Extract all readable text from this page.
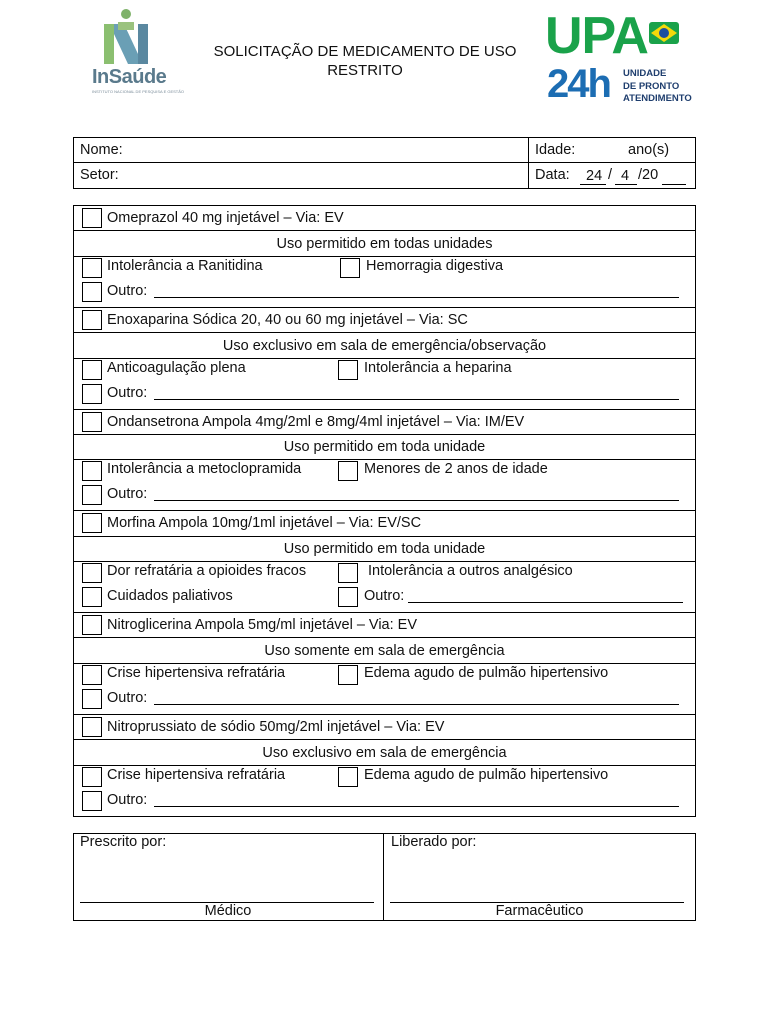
InSaúde
INSTITUTO NACIONAL DE PESQUISA E GESTÃO
SOLICITAÇÃO DE MEDICAMENTO DE USO
RESTRITO
UPA
24h UNIDADE
DE PRONTO
ATENDIMENTO
Nome:
Setor:
Idade:	ano(s)
Data: 24 / 4 /20
Omeprazol 40 mg injetável – Via: EV
Uso permitido em todas unidades
Intolerância a Ranitidina	Hemorragia digestiva
Outro:
Enoxaparina Sódica 20, 40 ou 60 mg injetável – Via: SC
Uso exclusivo em sala de emergência/observação
Anticoagulação plena	Intolerância a heparina
Outro:
Ondansetrona Ampola 4mg/2ml e 8mg/4ml injetável – Via: IM/EV
Uso permitido em toda unidade
Intolerância a metoclopramida	Menores de 2 anos de idade
Outro:
Morfina Ampola 10mg/1ml injetável – Via: EV/SC
Uso permitido em toda unidade
Dor refratária a opioides fracos	Intolerância a outros analgésico
Cuidados paliativos	Outro:
Nitroglicerina Ampola 5mg/ml injetável – Via: EV
Uso somente em sala de emergência
Crise hipertensiva refratária	Edema agudo de pulmão hipertensivo
Outro:
Nitroprussiato de sódio 50mg/2ml injetável – Via: EV
Uso exclusivo em sala de emergência
Crise hipertensiva refratária	Edema agudo de pulmão hipertensivo
Outro:
Prescrito por:
Médico
Liberado por:
Farmacêutico
